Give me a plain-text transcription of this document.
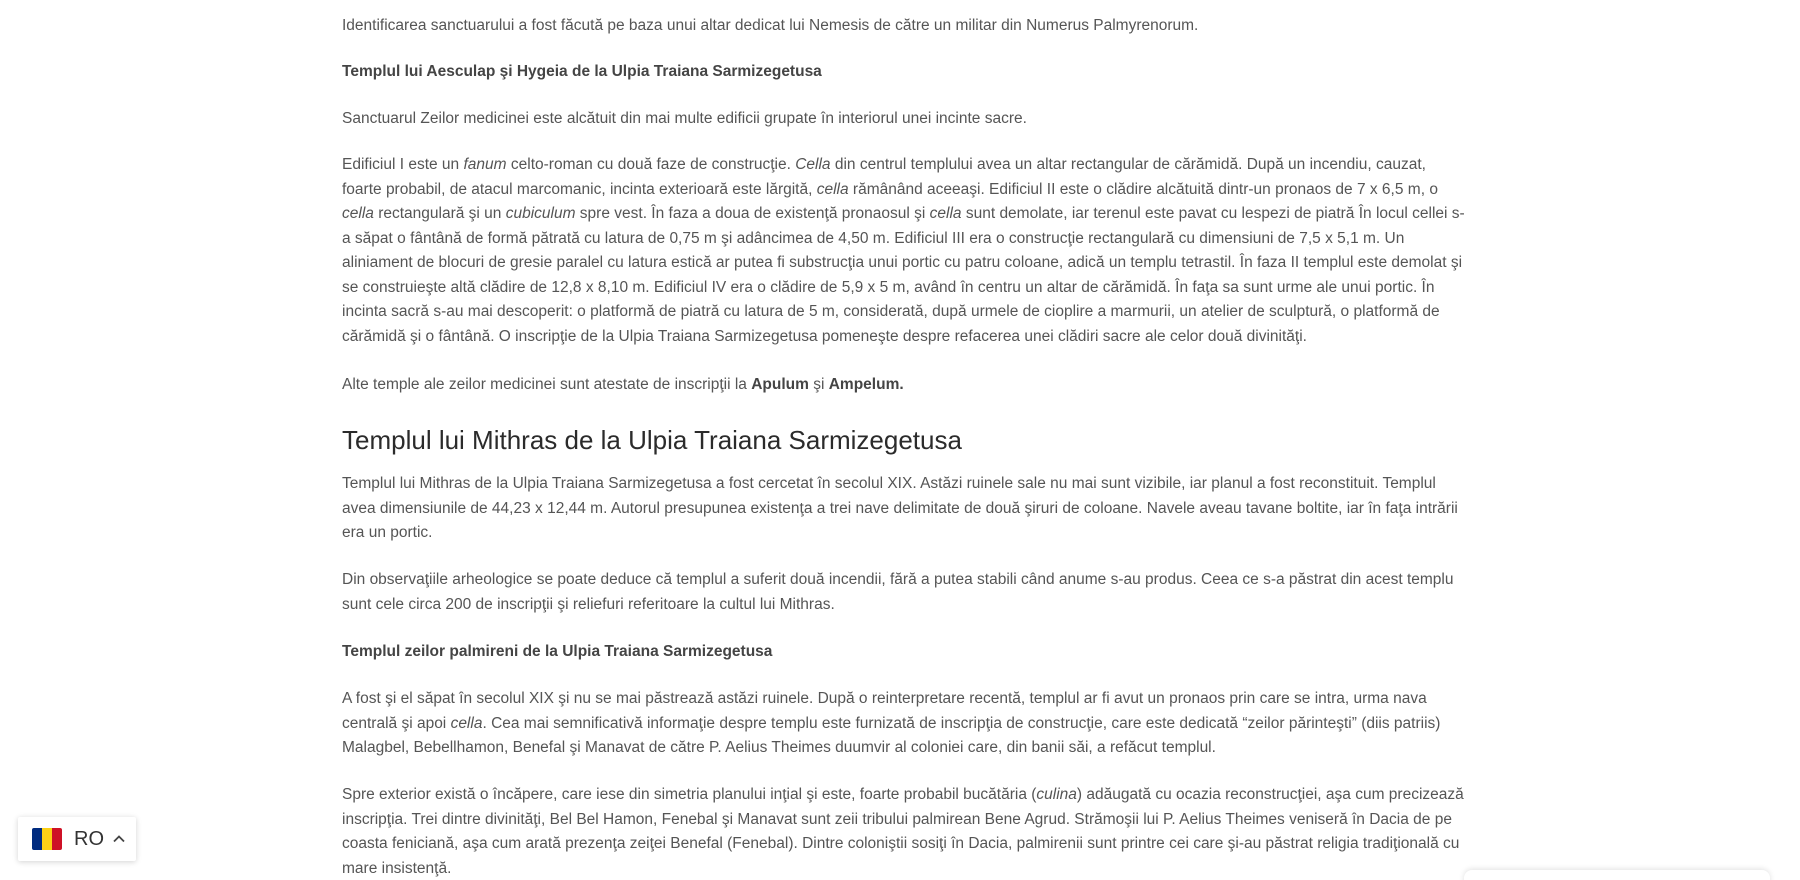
Identificarea sanctuarului a fost făcută pe baza unui altar dedicat lui Nemesis de către un militar din Numerus Palmyrenorum.

Templul lui Aesculap şi Hygeia de la Ulpia Traiana Sarmizegetusa

Sanctuarul Zeilor medicinei este alcătuit din mai multe edificii grupate în interiorul unei incinte sacre.

Edificiul I este un fanum celto-roman cu două faze de construcţie. Cella din centrul templului avea un altar rectangular de cărămidă. După un incendiu, cauzat, foarte probabil, de atacul marcomanic, incinta exterioară este lărgită, cella rămânând aceeaşi. Edificiul II este o clădire alcătuită dintr-un pronaos de 7 x 6,5 m, o cella rectangulară şi un cubiculum spre vest. În faza a doua de existenţă pronaosul şi cella sunt demolate, iar terenul este pavat cu lespezi de piatră În locul cellei s-a săpat o fântână de formă pătrată cu latura de 0,75 m şi adâncimea de 4,50 m. Edificiul III era o construcţie rectangulară cu dimensiuni de 7,5 x 5,1 m. Un aliniament de blocuri de gresie paralel cu latura estică ar putea fi substrucţia unui portic cu patru coloane, adică un templu tetrastil. În faza II templul este demolat şi se construieşte altă clădire de 12,8 x 8,10 m. Edificiul IV era o clădire de 5,9 x 5 m, având în centru un altar de cărămidă. În faţa sa sunt urme ale unui portic. În incinta sacră s-au mai descoperit: o platformă de piatră cu latura de 5 m, considerată, după urmele de cioplire a marmurii, un atelier de sculptură, o platformă de cărămidă şi o fântână. O inscripţie de la Ulpia Traiana Sarmizegetusa pomeneşte despre refacerea unei clădiri sacre ale celor două divinităţi.

Alte temple ale zeilor medicinei sunt atestate de inscripţii la Apulum şi Ampelum.

Templul lui Mithras de la Ulpia Traiana Sarmizegetusa

Templul lui Mithras de la Ulpia Traiana Sarmizegetusa a fost cercetat în secolul XIX. Astăzi ruinele sale nu mai sunt vizibile, iar planul a fost reconstituit. Templul avea dimensiunile de 44,23 x 12,44 m. Autorul presupunea existenţa a trei nave delimitate de două şiruri de coloane. Navele aveau tavane boltite, iar în faţa intrării era un portic.

Din observaţiile arheologice se poate deduce că templul a suferit două incendii, fără a putea stabili când anume s-au produs. Ceea ce s-a păstrat din acest templu sunt cele circa 200 de inscripţii şi reliefuri referitoare la cultul lui Mithras.

Templul zeilor palmireni de la Ulpia Traiana Sarmizegetusa

A fost şi el săpat în secolul XIX şi nu se mai păstrează astăzi ruinele. După o reinterpretare recentă, templul ar fi avut un pronaos prin care se intra, urma nava centrală şi apoi cella. Cea mai semnificativă informaţie despre templu este furnizată de inscripţia de construcţie, care este dedicată “zeilor părinteşti” (diis patriis) Malagbel, Bebellhamon, Benefal şi Manavat de către P. Aelius Theimes duumvir al coloniei care, din banii săi, a refăcut templul.

Spre exterior există o încăpere, care iese din simetria planului inţial şi este, foarte probabil bucătăria (culina) adăugată cu ocazia reconstrucţiei, aşa cum precizează inscripţia. Trei dintre divinităţi, Bel Bel Hamon, Fenebal şi Manavat sunt zeii tribului palmirean Bene Agrud. Strămoşii lui P. Aelius Theimes veniseră în Dacia de pe coasta feniciană, aşa cum arată prezenţa zeiţei Benefal (Fenebal). Dintre coloniştii sosiţi în Dacia, palmirenii sunt printre cei care şi-au păstrat religia tradiţională cu mare insistenţă.

RO
